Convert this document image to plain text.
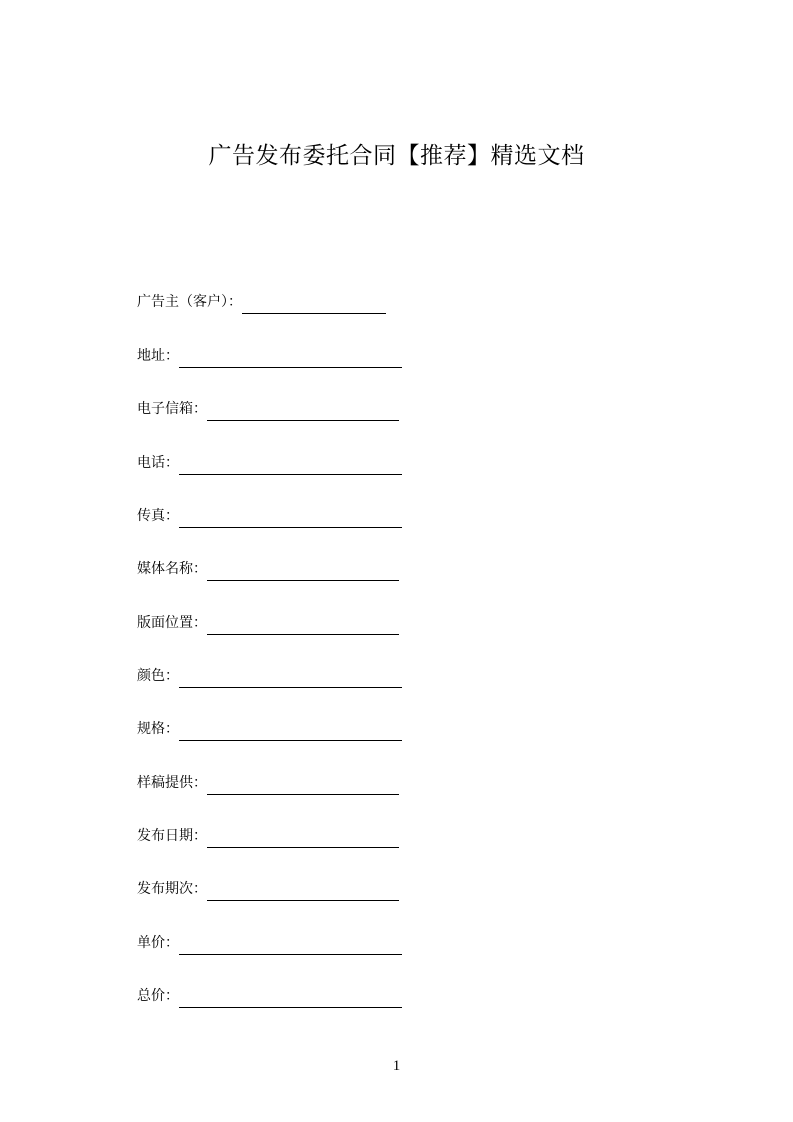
广告发布委托合同【推荐】精选文档
广告主（客户）：
地址：
电子信箱：
电话：
传真：
媒体名称：
版面位置：
颜色：
规格：
样稿提供：
发布日期：
发布期次：
单价：
总价：
1
